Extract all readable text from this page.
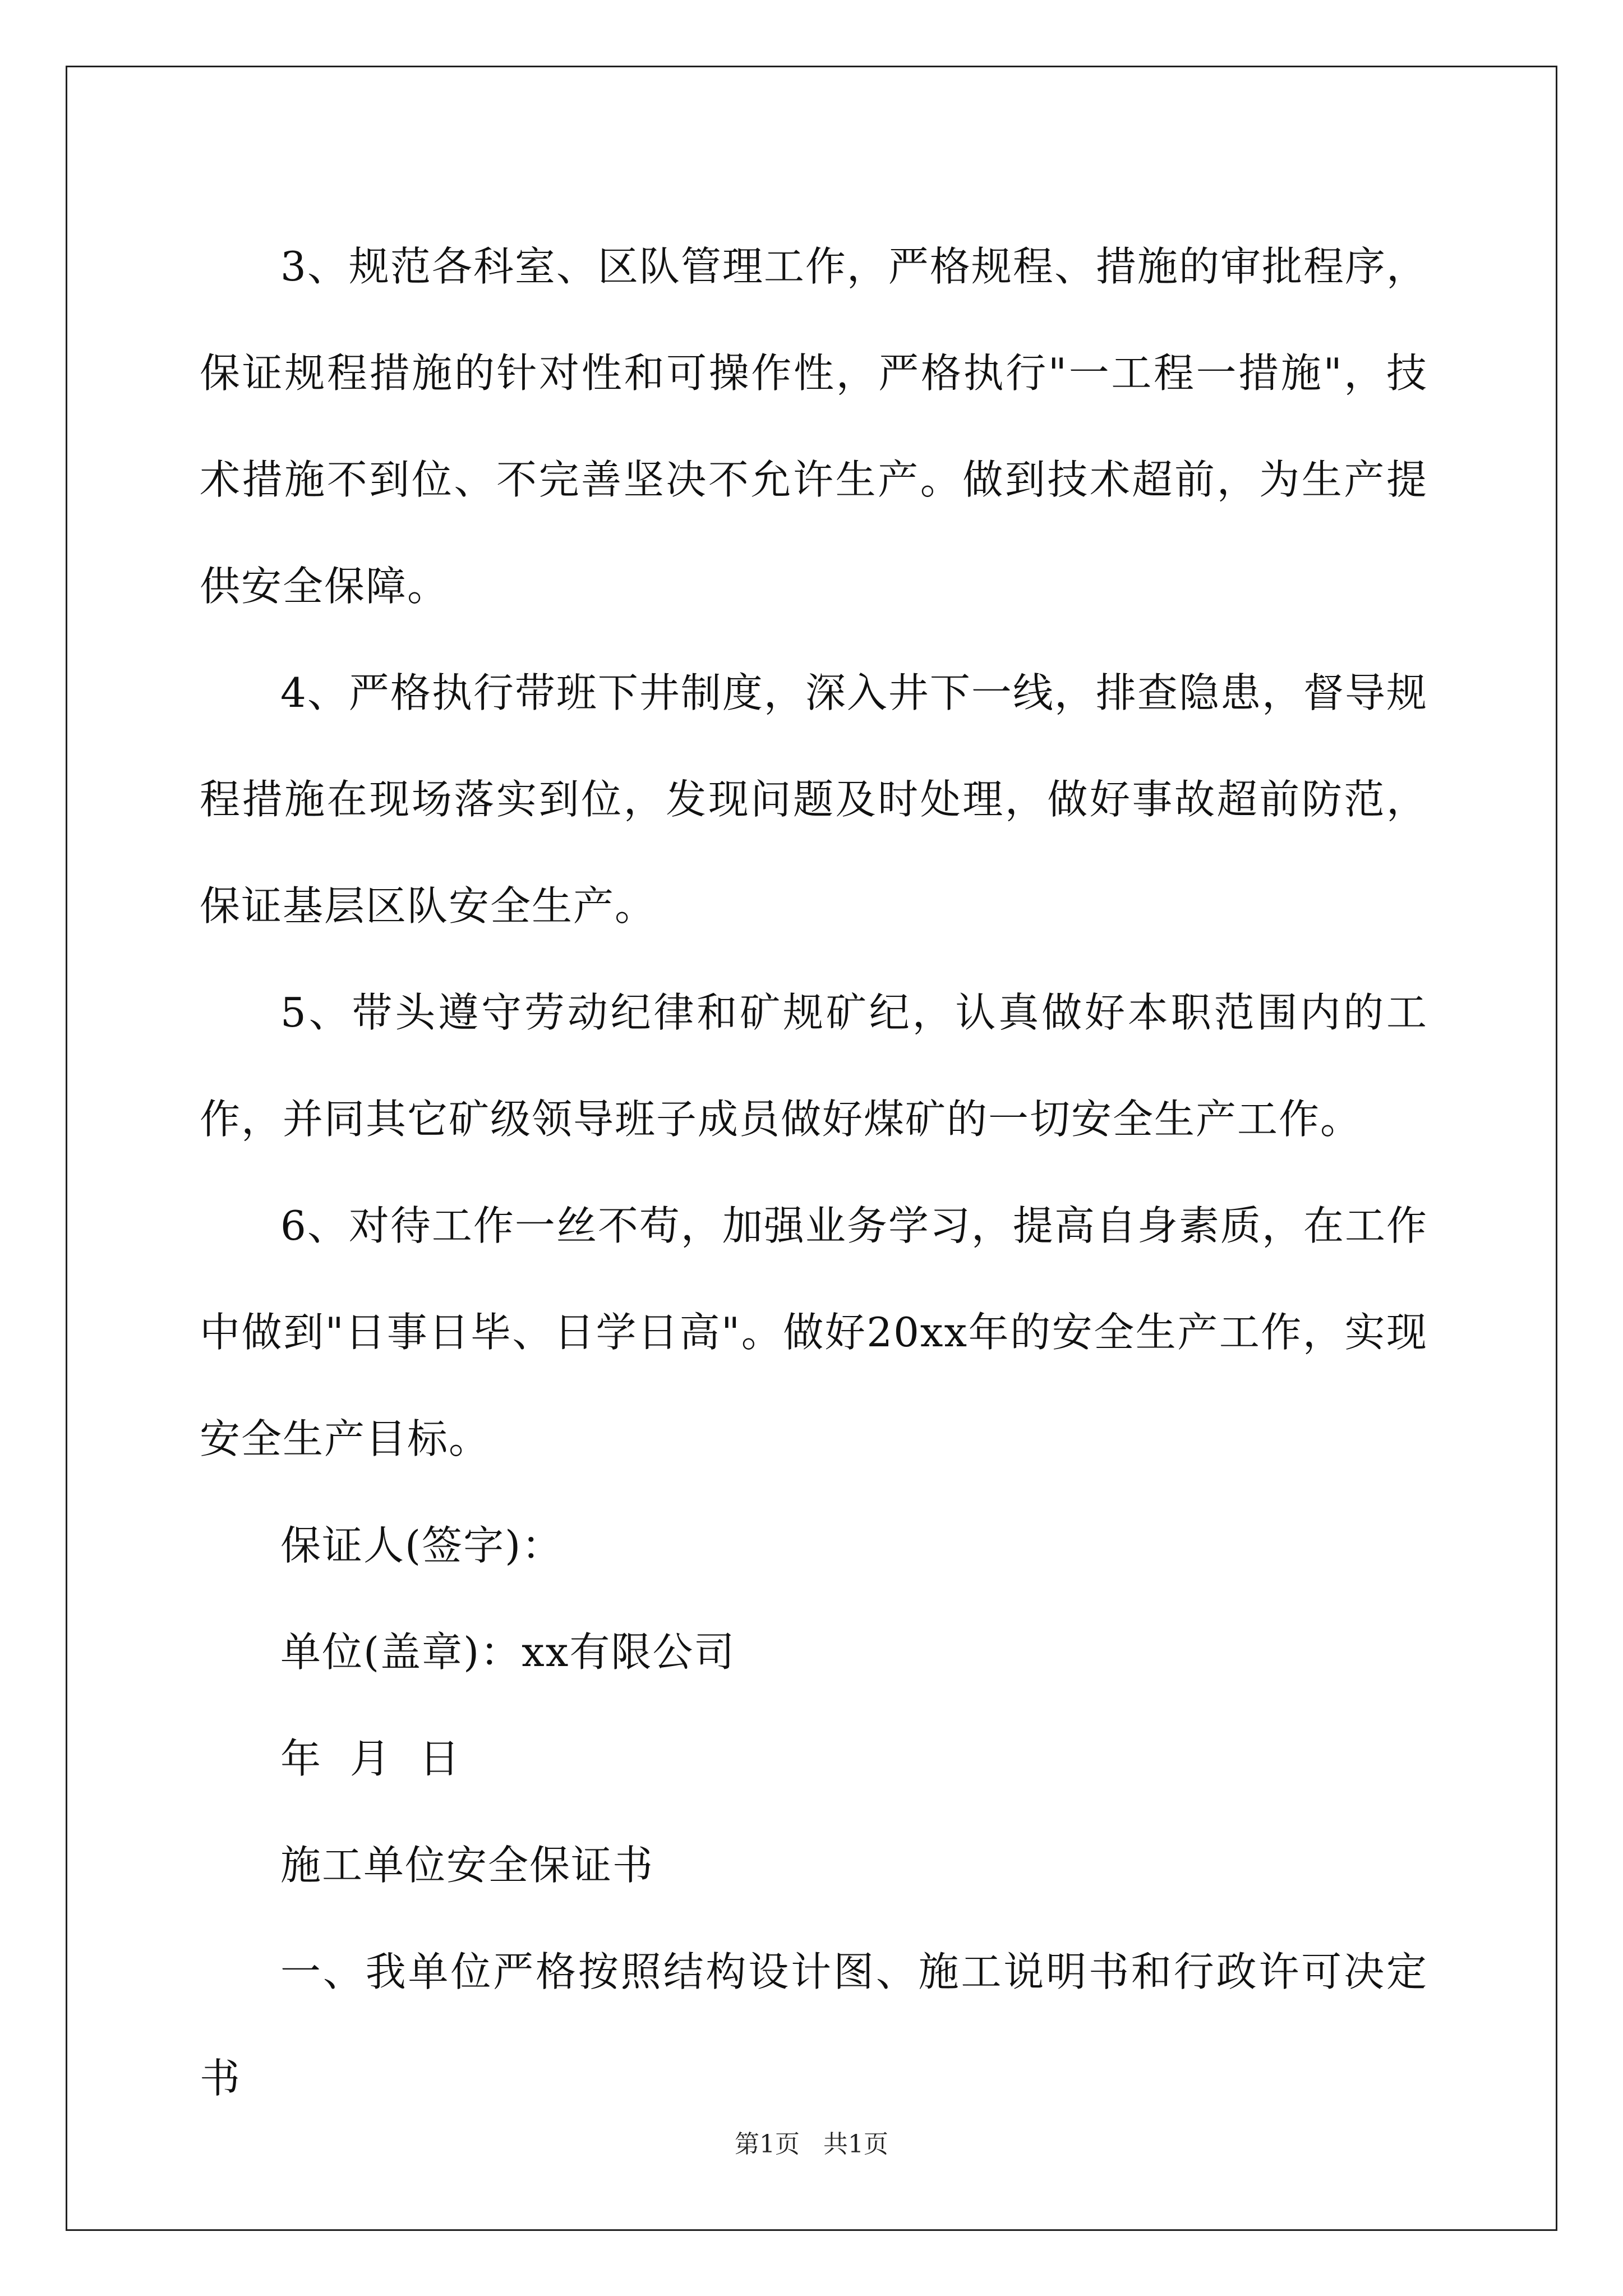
3、规范各科室、区队管理工作，严格规程、措施的审批程序，保证规程措施的针对性和可操作性，严格执行"一工程一措施"，技术措施不到位、不完善坚决不允许生产。做到技术超前，为生产提供安全保障。

4、严格执行带班下井制度，深入井下一线，排查隐患，督导规程措施在现场落实到位，发现问题及时处理，做好事故超前防范，保证基层区队安全生产。

5、带头遵守劳动纪律和矿规矿纪，认真做好本职范围内的工作，并同其它矿级领导班子成员做好煤矿的一切安全生产工作。

6、对待工作一丝不苟，加强业务学习，提高自身素质，在工作中做到"日事日毕、日学日高"。做好20xx年的安全生产工作，实现安全生产目标。

保证人(签字)：

单位(盖章)：xx有限公司

年  月  日

施工单位安全保证书

一、我单位严格按照结构设计图、施工说明书和行政许可决定书

第1页   共1页
